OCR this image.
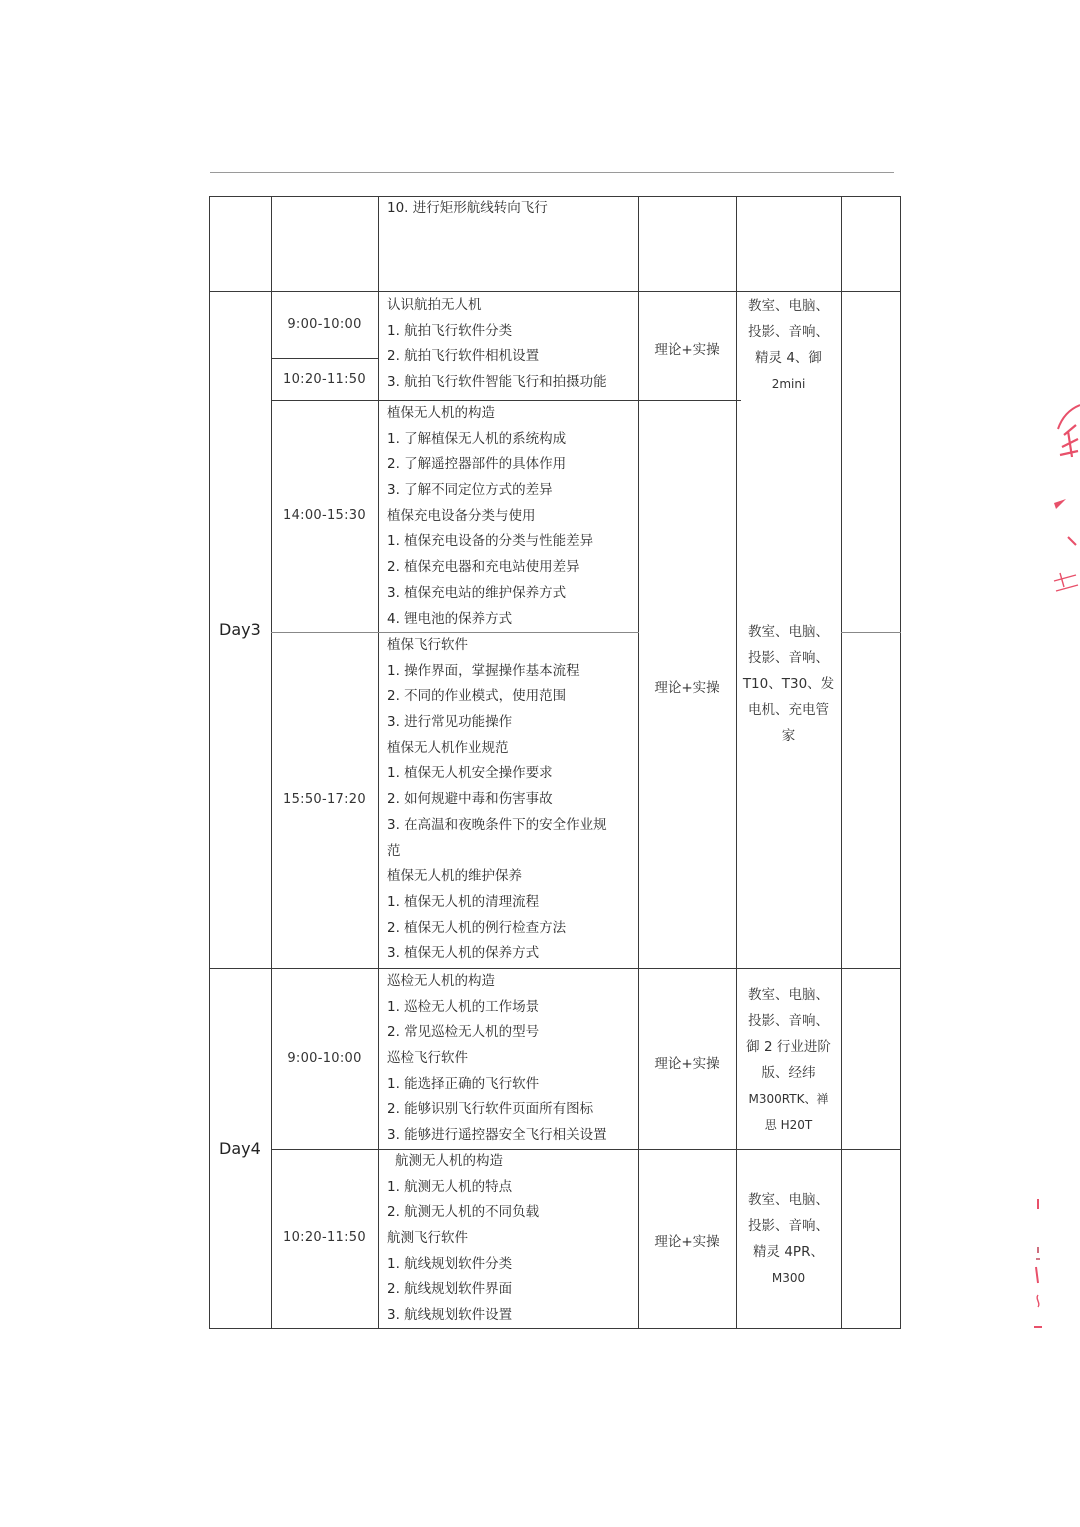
10. 进行矩形航线转向飞行
Day3
9:00-10:00
10:20-11:50
认识航拍无人机
1. 航拍飞行软件分类
2. 航拍飞行软件相机设置
3. 航拍飞行软件智能飞行和拍摄功能
理论+实操
教室、电脑、
投影、音响、
精灵 4、御
2mini
14:00-15:30
植保无人机的构造
1. 了解植保无人机的系统构成
2. 了解遥控器部件的具体作用
3. 了解不同定位方式的差异
植保充电设备分类与使用
1. 植保充电设备的分类与性能差异
2. 植保充电器和充电站使用差异
3. 植保充电站的维护保养方式
4. 锂电池的保养方式
15:50-17:20
植保飞行软件
1. 操作界面，掌握操作基本流程
2. 不同的作业模式，使用范围
3. 进行常见功能操作
植保无人机作业规范
1. 植保无人机安全操作要求
2. 如何规避中毒和伤害事故
3. 在高温和夜晚条件下的安全作业规
范
植保无人机的维护保养
1. 植保无人机的清理流程
2. 植保无人机的例行检查方法
3. 植保无人机的保养方式
理论+实操
教室、电脑、
投影、音响、
T10、T30、发
电机、充电管
家
Day4
9:00-10:00
巡检无人机的构造
1. 巡检无人机的工作场景
2. 常见巡检无人机的型号
巡检飞行软件
1. 能选择正确的飞行软件
2. 能够识别飞行软件页面所有图标
3. 能够进行遥控器安全飞行相关设置
理论+实操
教室、电脑、
投影、音响、
御 2 行业进阶
版、经纬
M300RTK、禅
思 H20T
10:20-11:50
航测无人机的构造
1. 航测无人机的特点
2. 航测无人机的不同负载
航测飞行软件
1. 航线规划软件分类
2. 航线规划软件界面
3. 航线规划软件设置
理论+实操
教室、电脑、
投影、音响、
精灵 4PR、
M300
